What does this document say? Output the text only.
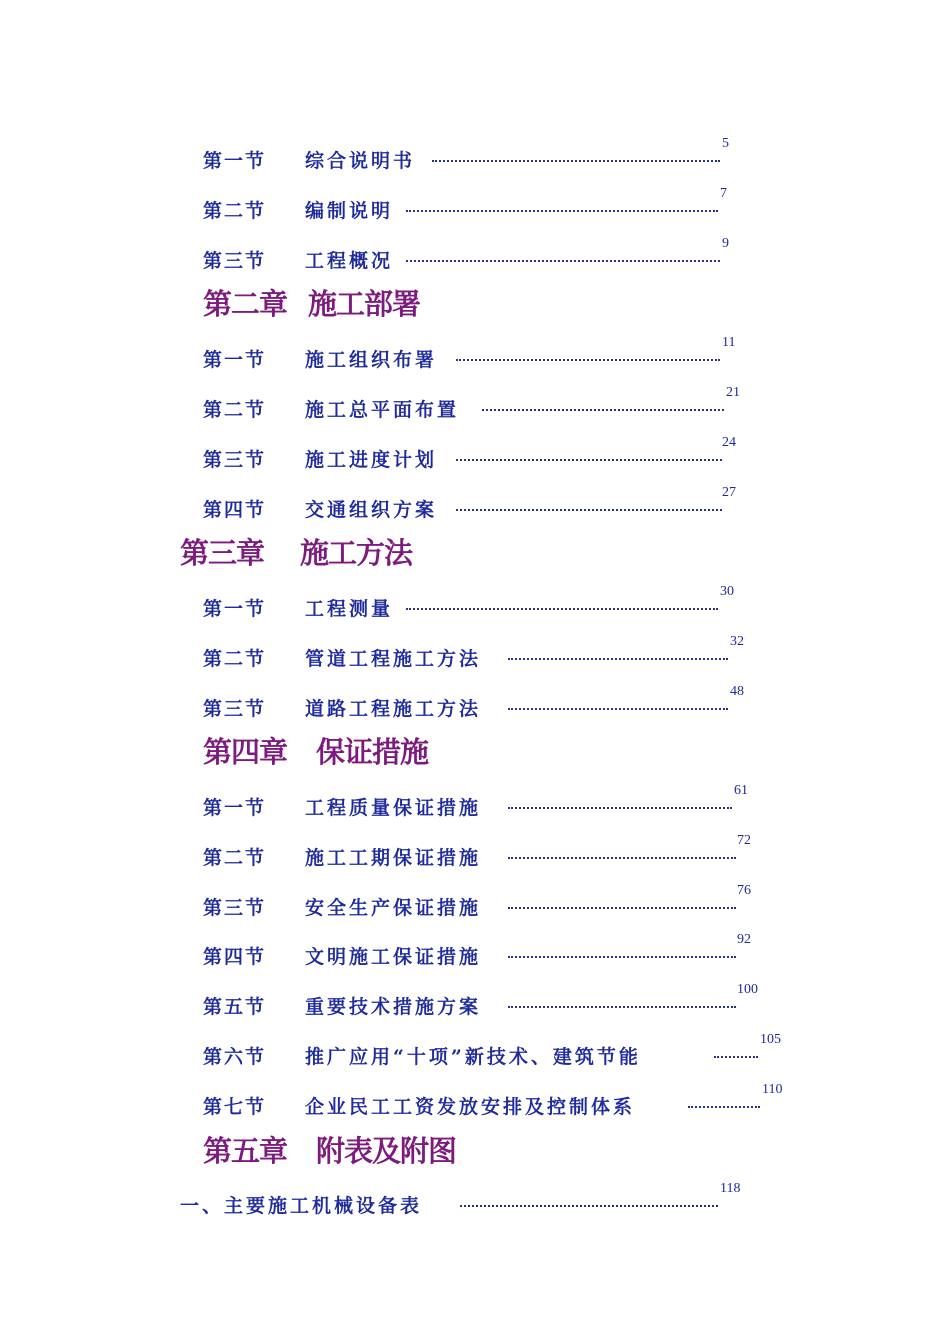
第一节 综合说明书
5
第二节 编制说明
7
第三节 工程概况
9
第二章 施工部署
第一节 施工组织布署
11
第二节 施工总平面布置
21
第三节 施工进度计划
24
第四节 交通组织方案
27
第三章 施工方法
第一节 工程测量
30
第二节 管道工程施工方法
32
第三节 道路工程施工方法
48
第四章 保证措施
第一节 工程质量保证措施
61
第二节 施工工期保证措施
72
第三节 安全生产保证措施
76
第四节 文明施工保证措施
92
第五节 重要技术措施方案
100
第六节 推广应用“十项”新技术、建筑节能
105
第七节 企业民工工资发放安排及控制体系
110
第五章 附表及附图
一、主要施工机械设备表
118
